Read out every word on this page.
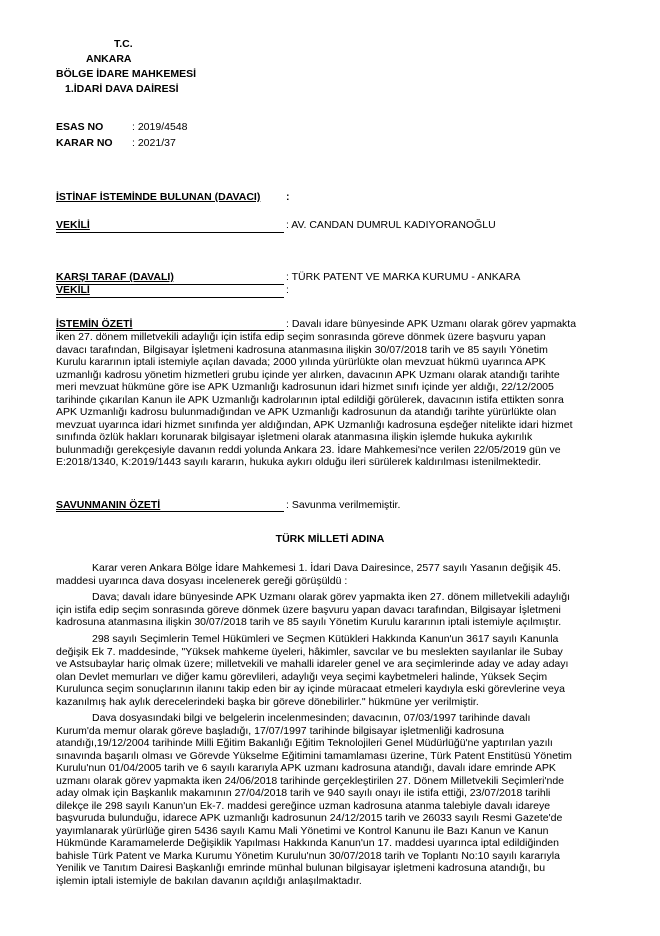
T.C.
ANKARA
BÖLGE İDARE MAHKEMESİ
1.İDARİ DAVA DAİRESİ
ESAS NO	: 2019/4548
KARAR NO : 2021/37
İSTİNAF İSTEMİNDE BULUNAN (DAVACI) :
VEKİLİ	: AV. CANDAN DUMRUL KADIYORANOĞLU
KARŞI TARAF (DAVALI)	: TÜRK PATENT VE MARKA KURUMU - ANKARA
VEKİLİ	:
İSTEMİN ÖZETİ	: Davalı idare bünyesinde APK Uzmanı olarak görev yapmakta
iken 27. dönem milletvekili adaylığı için istifa edip seçim sonrasında göreve dönmek üzere başvuru yapan
davacı tarafından, Bilgisayar İşletmeni kadrosuna atanmasına ilişkin 30/07/2018 tarih ve 85 sayılı Yönetim
Kurulu kararının iptali istemiyle açılan davada; 2000 yılında yürürlükte olan mevzuat hükmü uyarınca APK
uzmanlığı kadrosu yönetim hizmetleri grubu içinde yer alırken, davacının APK Uzmanı olarak atandığı tarihte
meri mevzuat hükmüne göre ise APK Uzmanlığı kadrosunun idari hizmet sınıfı içinde yer aldığı, 22/12/2005
tarihinde çıkarılan Kanun ile APK Uzmanlığı kadrolarının iptal edildiği görülerek, davacının istifa ettikten sonra
APK Uzmanlığı kadrosu bulunmadığından ve APK Uzmanlığı kadrosunun da atandığı tarihte yürürlükte olan
mevzuat uyarınca idari hizmet sınıfında yer aldığından, APK Uzmanlığı kadrosuna eşdeğer nitelikte idari hizmet
sınıfında özlük hakları korunarak bilgisayar işletmeni olarak atanmasına ilişkin işlemde hukuka aykırılık
bulunmadığı gerekçesiyle davanın reddi yolunda Ankara 23. İdare Mahkemesi'nce verilen 22/05/2019 gün ve
E:2018/1340, K:2019/1443 sayılı kararın, hukuka aykırı olduğu ileri sürülerek kaldırılması istenilmektedir.
SAVUNMANIN ÖZETİ	: Savunma verilmemiştir.
TÜRK MİLLETİ ADINA
Karar veren Ankara Bölge İdare Mahkemesi 1. İdari Dava Dairesince, 2577 sayılı Yasanın değişik 45.
maddesi uyarınca dava dosyası incelenerek gereği görüşüldü :
Dava; davalı idare bünyesinde APK Uzmanı olarak görev yapmakta iken 27. dönem milletvekili adaylığı
için istifa edip seçim sonrasında göreve dönmek üzere başvuru yapan davacı tarafından, Bilgisayar İşletmeni
kadrosuna atanmasına ilişkin 30/07/2018 tarih ve 85 sayılı Yönetim Kurulu kararının iptali istemiyle açılmıştır.
298 sayılı Seçimlerin Temel Hükümleri ve Seçmen Kütükleri Hakkında Kanun'un 3617 sayılı Kanunla
değişik Ek 7. maddesinde, "Yüksek mahkeme üyeleri, hâkimler, savcılar ve bu meslekten sayılanlar ile Subay
ve Astsubaylar hariç olmak üzere; milletvekili ve mahalli idareler genel ve ara seçimlerinde aday ve aday adayı
olan Devlet memurları ve diğer kamu görevlileri, adaylığı veya seçimi kaybetmeleri halinde, Yüksek Seçim
Kurulunca seçim sonuçlarının ilanını takip eden bir ay içinde müracaat etmeleri kaydıyla eski görevlerine veya
kazanılmış hak aylık derecelerindeki başka bir göreve dönebilirler." hükmüne yer verilmiştir.
Dava dosyasındaki bilgi ve belgelerin incelenmesinden; davacının, 07/03/1997 tarihinde davalı
Kurum'da memur olarak göreve başladığı, 17/07/1997 tarihinde bilgisayar işletmenliği kadrosuna
atandığı,19/12/2004 tarihinde Milli Eğitim Bakanlığı Eğitim Teknolojileri Genel Müdürlüğü'ne yaptırılan yazılı
sınavında başarılı olması ve Görevde Yükselme Eğitimini tamamlaması üzerine, Türk Patent Enstitüsü Yönetim
Kurulu'nun 01/04/2005 tarih ve 6 sayılı kararıyla APK uzmanı kadrosuna atandığı, davalı idare emrinde APK
uzmanı olarak görev yapmakta iken 24/06/2018 tarihinde gerçekleştirilen 27. Dönem Milletvekili Seçimleri'nde
aday olmak için Başkanlık makamının 27/04/2018 tarih ve 940 sayılı onayı ile istifa ettiği, 23/07/2018 tarihli
dilekçe ile 298 sayılı Kanun'un Ek-7. maddesi gereğince uzman kadrosuna atanma talebiyle davalı idareye
başvuruda bulunduğu, idarece APK uzmanlığı kadrosunun 24/12/2015 tarih ve 26033 sayılı Resmi Gazete'de
yayımlanarak yürürlüğe giren 5436 sayılı Kamu Mali Yönetimi ve Kontrol Kanunu ile Bazı Kanun ve Kanun
Hükmünde Karamamelerde Değişiklik Yapılması Hakkında Kanun'un 17. maddesi uyarınca iptal edildiğinden
bahisle Türk Patent ve Marka Kurumu Yönetim Kurulu'nun 30/07/2018 tarih ve Toplantı No:10 sayılı kararıyla
Yenilik ve Tanıtım Dairesi Başkanlığı emrinde münhal bulunan bilgisayar işletmeni kadrosuna atandığı, bu
işlemin iptali istemiyle de bakılan davanın açıldığı anlaşılmaktadır.
